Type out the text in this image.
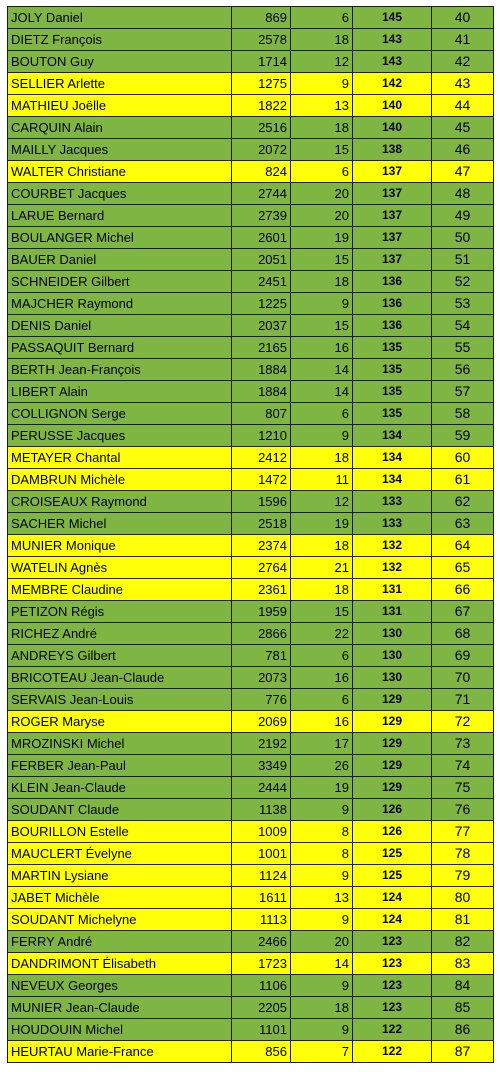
JOLY Daniel	869	6	145	40
DIETZ François	2578	18	143	41
BOUTON Guy	1714	12	143	42
SELLIER Arlette	1275	9	142	43
MATHIEU Joëlle	1822	13	140	44
CARQUIN Alain	2516	18	140	45
MAILLY Jacques	2072	15	138	46
WALTER Christiane	824	6	137	47
COURBET Jacques	2744	20	137	48
LARUE Bernard	2739	20	137	49
BOULANGER Michel	2601	19	137	50
BAUER Daniel	2051	15	137	51
SCHNEIDER Gilbert	2451	18	136	52
MAJCHER Raymond	1225	9	136	53
DENIS Daniel	2037	15	136	54
PASSAQUIT Bernard	2165	16	135	55
BERTH Jean-François	1884	14	135	56
LIBERT Alain	1884	14	135	57
COLLIGNON Serge	807	6	135	58
PERUSSE Jacques	1210	9	134	59
METAYER Chantal	2412	18	134	60
DAMBRUN Michèle	1472	11	134	61
CROISEAUX Raymond	1596	12	133	62
SACHER Michel	2518	19	133	63
MUNIER Monique	2374	18	132	64
WATELIN Agnès	2764	21	132	65
MEMBRE Claudine	2361	18	131	66
PETIZON Régis	1959	15	131	67
RICHEZ André	2866	22	130	68
ANDREYS Gilbert	781	6	130	69
BRICOTEAU Jean-Claude	2073	16	130	70
SERVAIS Jean-Louis	776	6	129	71
ROGER Maryse	2069	16	129	72
MROZINSKI Michel	2192	17	129	73
FERBER Jean-Paul	3349	26	129	74
KLEIN Jean-Claude	2444	19	129	75
SOUDANT Claude	1138	9	126	76
BOURILLON Estelle	1009	8	126	77
MAUCLERT Évelyne	1001	8	125	78
MARTIN Lysiane	1124	9	125	79
JABET Michèle	1611	13	124	80
SOUDANT Michelyne	1113	9	124	81
FERRY André	2466	20	123	82
DANDRIMONT Élisabeth	1723	14	123	83
NEVEUX Georges	1106	9	123	84
MUNIER Jean-Claude	2205	18	123	85
HOUDOUIN Michel	1101	9	122	86
HEURTAU Marie-France	856	7	122	87
